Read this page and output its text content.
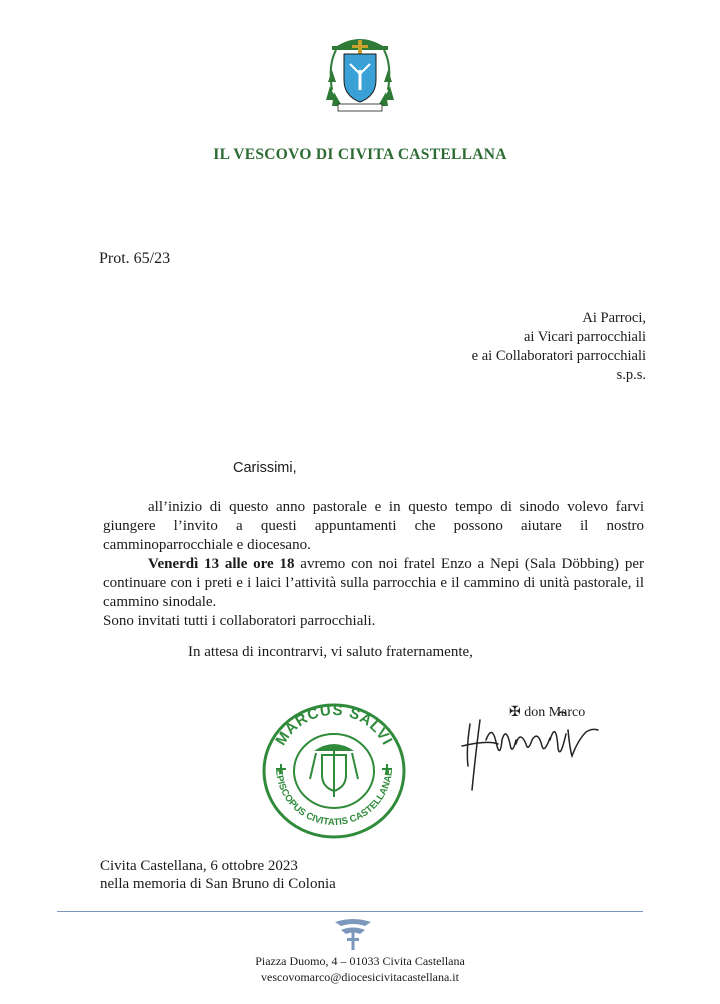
IL VESCOVO DI CIVITA CASTELLANA
Prot. 65/23
Ai Parroci,
ai Vicari parrocchiali
e ai Collaboratori parrocchiali
s.p.s.
Carissimi,

all’inizio di questo anno pastorale e in questo tempo di sinodo volevo farvi giungere l’invito a questi appuntamenti che possono aiutare il nostro camminoparrocchiale e diocesano.

Venerdì 13 alle ore 18 avremo con noi fratel Enzo a Nepi (Sala Döbbing) per continuare con i preti e i laici l’attività sulla parrocchia e il cammino di unità pastorale, il cammino sinodale.

Sono invitati tutti i collaboratori parrocchiali.

In attesa di incontrarvi, vi saluto fraternamente,
MARCUS SALVI
EPISCOPUS CIVITATIS CASTELLANAE
✠ don Marco
Civita Castellana, 6 ottobre 2023
nella memoria di San Bruno di Colonia
Piazza Duomo, 4 – 01033 Civita Castellana
vescovomarco@diocesicivitacastellana.it
